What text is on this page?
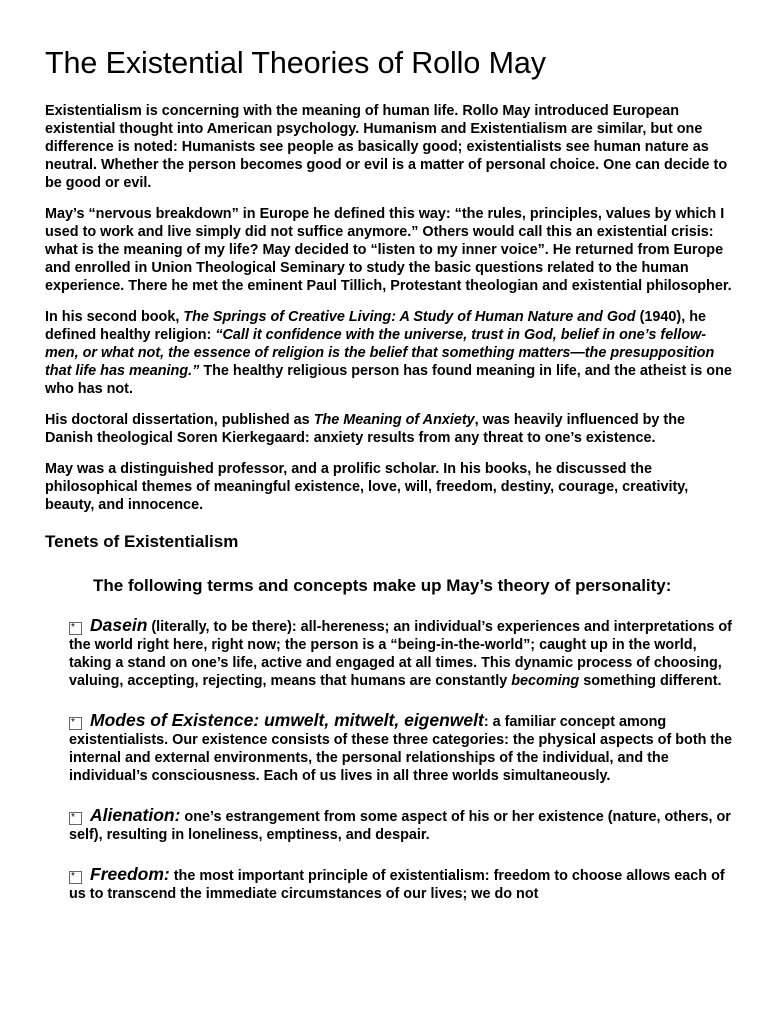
The Existential Theories of Rollo May

Existentialism is concerning with the meaning of human life. Rollo May introduced European existential thought into American psychology. Humanism and Existentialism are similar, but one difference is noted: Humanists see people as basically good; existentialists see human nature as neutral. Whether the person becomes good or evil is a matter of personal choice. One can decide to be good or evil.

May’s “nervous breakdown” in Europe he defined this way: “the rules, principles, values by which I used to work and live simply did not suffice anymore.” Others would call this an existential crisis: what is the meaning of my life? May decided to “listen to my inner voice”. He returned from Europe and enrolled in Union Theological Seminary to study the basic questions related to the human experience. There he met the eminent Paul Tillich, Protestant theologian and existential philosopher.

In his second book, The Springs of Creative Living: A Study of Human Nature and God (1940), he defined healthy religion: “Call it confidence with the universe, trust in God, belief in one’s fellow-men, or what not, the essence of religion is the belief that something matters—the presupposition that life has meaning.” The healthy religious person has found meaning in life, and the atheist is one who has not.

His doctoral dissertation, published as The Meaning of Anxiety, was heavily influenced by the Danish theological Soren Kierkegaard: anxiety results from any threat to one’s existence.

May was a distinguished professor, and a prolific scholar. In his books, he discussed the philosophical themes of meaningful existence, love, will, freedom, destiny, courage, creativity, beauty, and innocence.

Tenets of Existentialism

The following terms and concepts make up May’s theory of personality:

* Dasein (literally, to be there): all-hereness; an individual’s experiences and interpretations of the world right here, right now; the person is a “being-in-the-world”; caught up in the world, taking a stand on one’s life, active and engaged at all times. This dynamic process of choosing, valuing, accepting, rejecting, means that humans are constantly becoming something different.
* Modes of Existence: umwelt, mitwelt, eigenwelt: a familiar concept among existentialists. Our existence consists of these three categories: the physical aspects of both the internal and external environments, the personal relationships of the individual, and the individual’s consciousness. Each of us lives in all three worlds simultaneously.
* Alienation: one’s estrangement from some aspect of his or her existence (nature, others, or self), resulting in loneliness, emptiness, and despair.
* Freedom: the most important principle of existentialism: freedom to choose allows each of us to transcend the immediate circumstances of our lives; we do not
